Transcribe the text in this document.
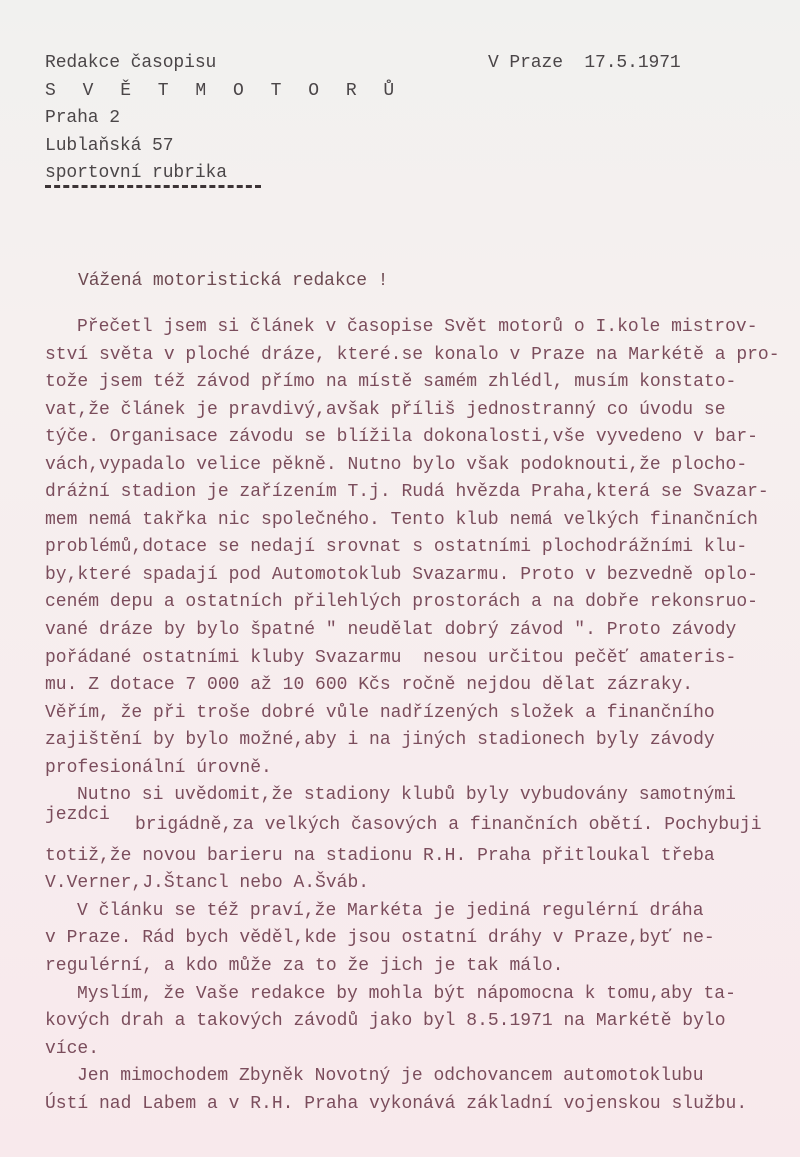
Redakce časopisu
S V Ě T M O T O R Ů
Praha 2
Lublaňská 57
sportovní rubrika
V Praze  17.5.1971
Vážená motoristická redakce !
Přečetl jsem si článek v časopise Svět motorů o I.kole mistrov-
ství světa v ploché dráze, které.se konalo v Praze na Markétě a pro-
tože jsem též závod přímo na místě samém zhlédl, musím konstato-
vat,že článek je pravdivý,avšak příliš jednostranný co úvodu se
týče. Organisace závodu se blížila dokonalosti,vše vyvedeno v bar-
vách,vypadalo velice pěkně. Nutno bylo však podoknouti,že plocho-
dráżní stadion je zařízením T.j. Rudá hvězda Praha,která se Svazar-
mem nemá takřka nic společného. Tento klub nemá velkých finančních
problémů,dotace se nedají srovnat s ostatními plochodrážními klu-
by,které spadají pod Automotoklub Svazarmu. Proto v bezvedně oplo-
ceném depu a ostatních přilehlých prostorách a na dobře rekonsruo-
vané dráze by bylo špatné " neudělat dobrý závod ". Proto závody
pořádané ostatními kluby Svazarmu  nesou určitou pečěť amateris-
mu. Z dotace 7 000 až 10 600 Kčs ročně nejdou dělat zázraky.
Věřím, že při troše dobré vůle nadřízených složek a finančního
zajištění by bylo možné,aby i na jiných stadionech byly závody
profesionální úrovně.
Nutno si uvědomit,že stadiony klubů byly vybudovány samotnými
jezdci brigádně,za velkých časových a finančních obětí. Pochybuji
totiž,že novou barieru na stadionu R.H. Praha přitloukal třeba
V.Verner,J.Štancl nebo A.Šváb.
V článku se též praví,že Markéta je jediná regulérní dráha
v Praze. Rád bych věděl,kde jsou ostatní dráhy v Praze,byť ne-
regulérní, a kdo může za to že jich je tak málo.
Myslím, že Vaše redakce by mohla být nápomocna k tomu,aby ta-
kových drah a takových závodů jako byl 8.5.1971 na Markétě bylo
více.
Jen mimochodem Zbyněk Novotný je odchovancem automotoklubu
Ústí nad Labem a v R.H. Praha vykonává základní vojenskou službu.
